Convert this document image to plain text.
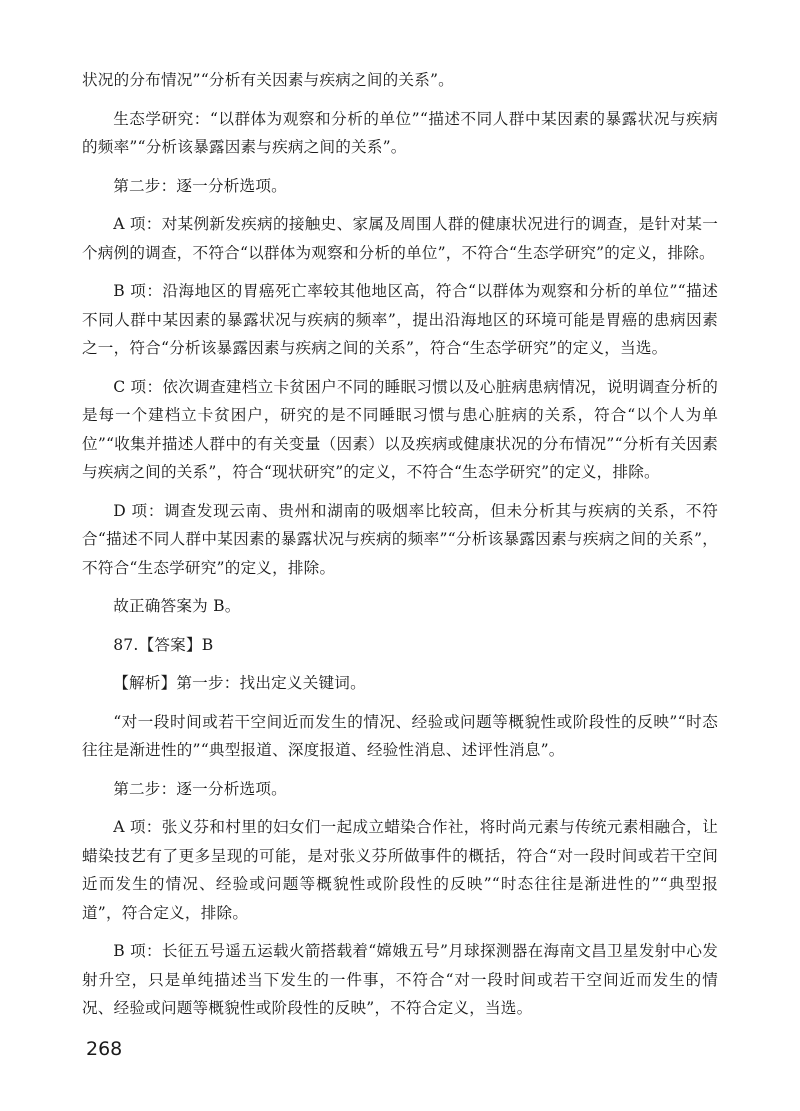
状况的分布情况”“分析有关因素与疾病之间的关系”。

生态学研究：“以群体为观察和分析的单位”“描述不同人群中某因素的暴露状况与疾病的频率”“分析该暴露因素与疾病之间的关系”。

第二步：逐一分析选项。

A 项：对某例新发疾病的接触史、家属及周围人群的健康状况进行的调查，是针对某一个病例的调查，不符合“以群体为观察和分析的单位”，不符合“生态学研究”的定义，排除。

B 项：沿海地区的胃癌死亡率较其他地区高，符合“以群体为观察和分析的单位”“描述不同人群中某因素的暴露状况与疾病的频率”，提出沿海地区的环境可能是胃癌的患病因素之一，符合“分析该暴露因素与疾病之间的关系”，符合“生态学研究”的定义，当选。

C 项：依次调查建档立卡贫困户不同的睡眠习惯以及心脏病患病情况，说明调查分析的是每一个建档立卡贫困户，研究的是不同睡眠习惯与患心脏病的关系，符合“以个人为单位”“收集并描述人群中的有关变量（因素）以及疾病或健康状况的分布情况”“分析有关因素与疾病之间的关系”，符合“现状研究”的定义，不符合“生态学研究”的定义，排除。

D 项：调查发现云南、贵州和湖南的吸烟率比较高，但未分析其与疾病的关系，不符合“描述不同人群中某因素的暴露状况与疾病的频率”“分析该暴露因素与疾病之间的关系”，不符合“生态学研究”的定义，排除。

故正确答案为 B。

87.【答案】B

【解析】第一步：找出定义关键词。

“对一段时间或若干空间近而发生的情况、经验或问题等概貌性或阶段性的反映”“时态往往是渐进性的”“典型报道、深度报道、经验性消息、述评性消息”。

第二步：逐一分析选项。

A 项：张义芬和村里的妇女们一起成立蜡染合作社，将时尚元素与传统元素相融合，让蜡染技艺有了更多呈现的可能，是对张义芬所做事件的概括，符合“对一段时间或若干空间近而发生的情况、经验或问题等概貌性或阶段性的反映”“时态往往是渐进性的”“典型报道”，符合定义，排除。

B 项：长征五号遥五运载火箭搭载着“嫦娥五号”月球探测器在海南文昌卫星发射中心发射升空，只是单纯描述当下发生的一件事，不符合“对一段时间或若干空间近而发生的情况、经验或问题等概貌性或阶段性的反映”，不符合定义，当选。

268
